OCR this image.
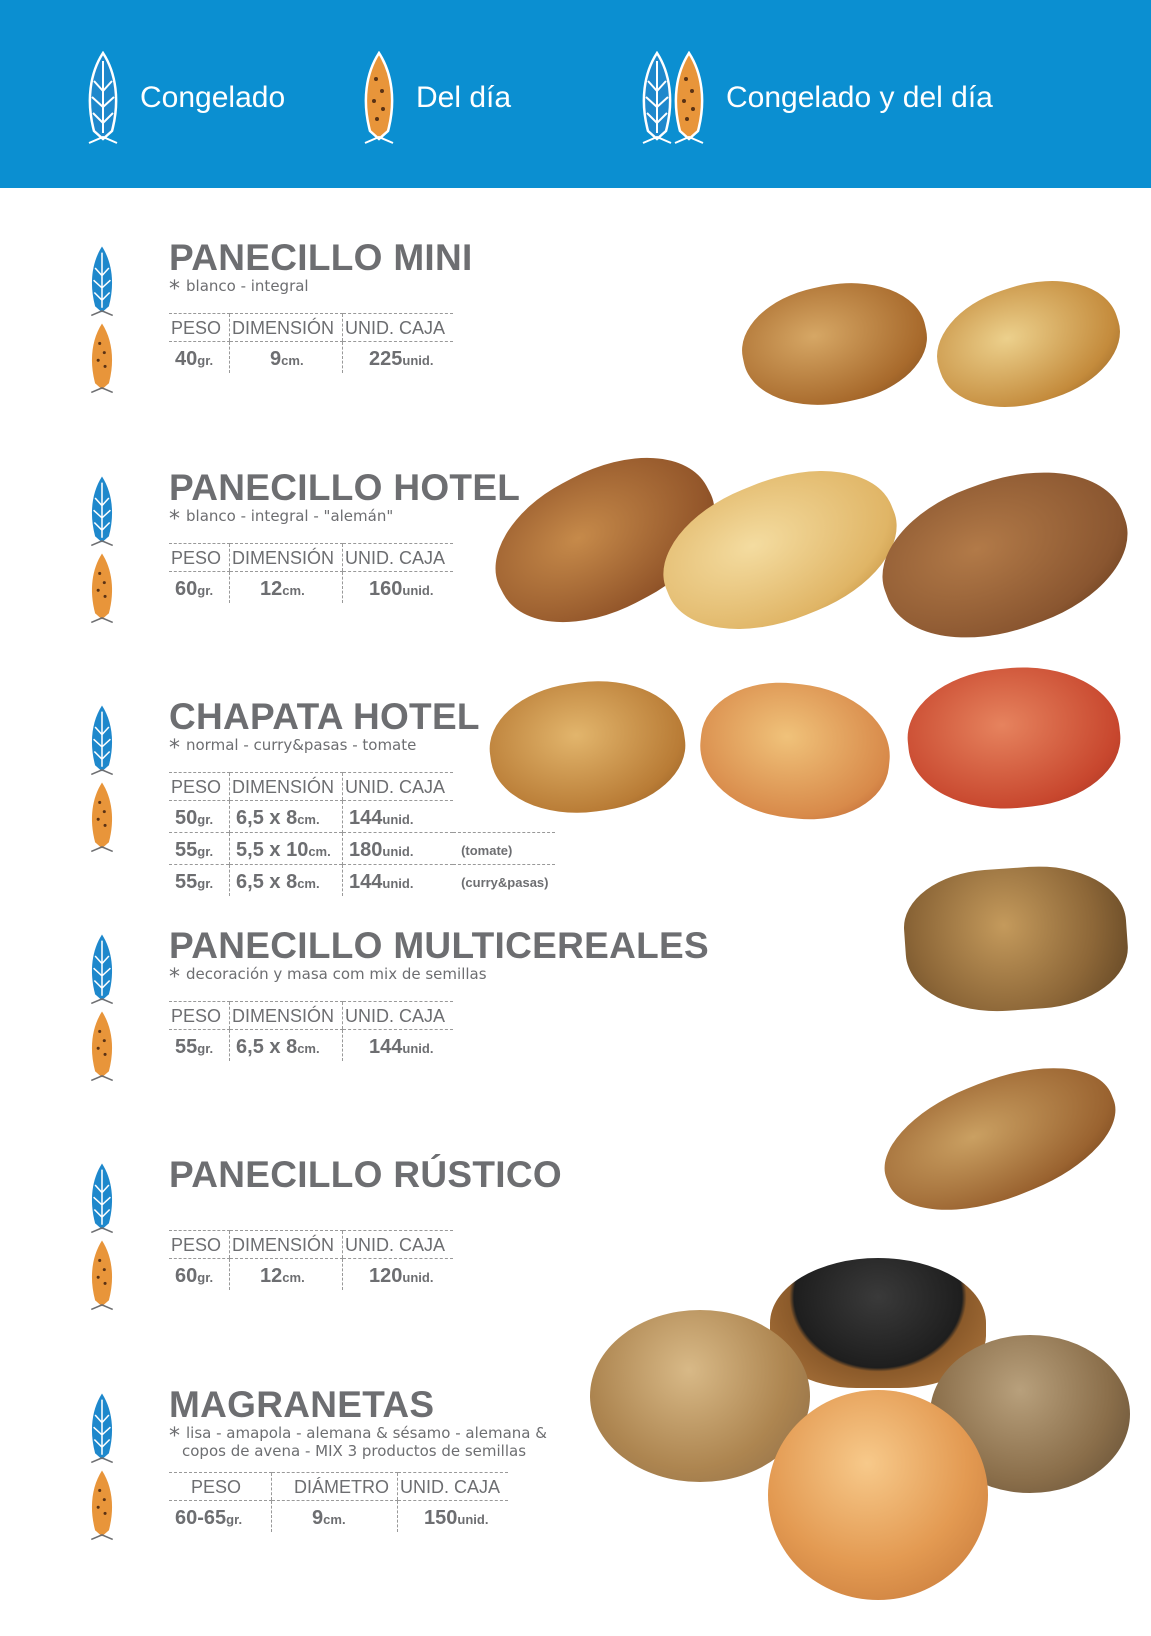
Congelado	Del día	Congelado y del día
PANECILLO MINI
* blanco - integral
PESO	DIMENSIÓN	UNID. CAJA
40gr.	9cm.	225unid.
PANECILLO HOTEL
* blanco - integral - "alemán"
PESO	DIMENSIÓN	UNID. CAJA
60gr.	12cm.	160unid.
CHAPATA HOTEL
* normal - curry&pasas - tomate
PESO	DIMENSIÓN	UNID. CAJA	
50gr.	6,5 x 8cm.	144unid.	
55gr.	5,5 x 10cm.	180unid.	(tomate)
55gr.	6,5 x 8cm.	144unid.	(curry&pasas)
PANECILLO MULTICEREALES
* decoración y masa com mix de semillas
PESO	DIMENSIÓN	UNID. CAJA
55gr.	6,5 x 8cm.	144unid.
PANECILLO RÚSTICO
PESO	DIMENSIÓN	UNID. CAJA
60gr.	12cm.	120unid.
MAGRANETAS
* lisa - amapola - alemana & sésamo - alemana &
copos de avena - MIX 3 productos de semillas
PESO	DIÁMETRO	UNID. CAJA
60-65gr.	9cm.	150unid.
